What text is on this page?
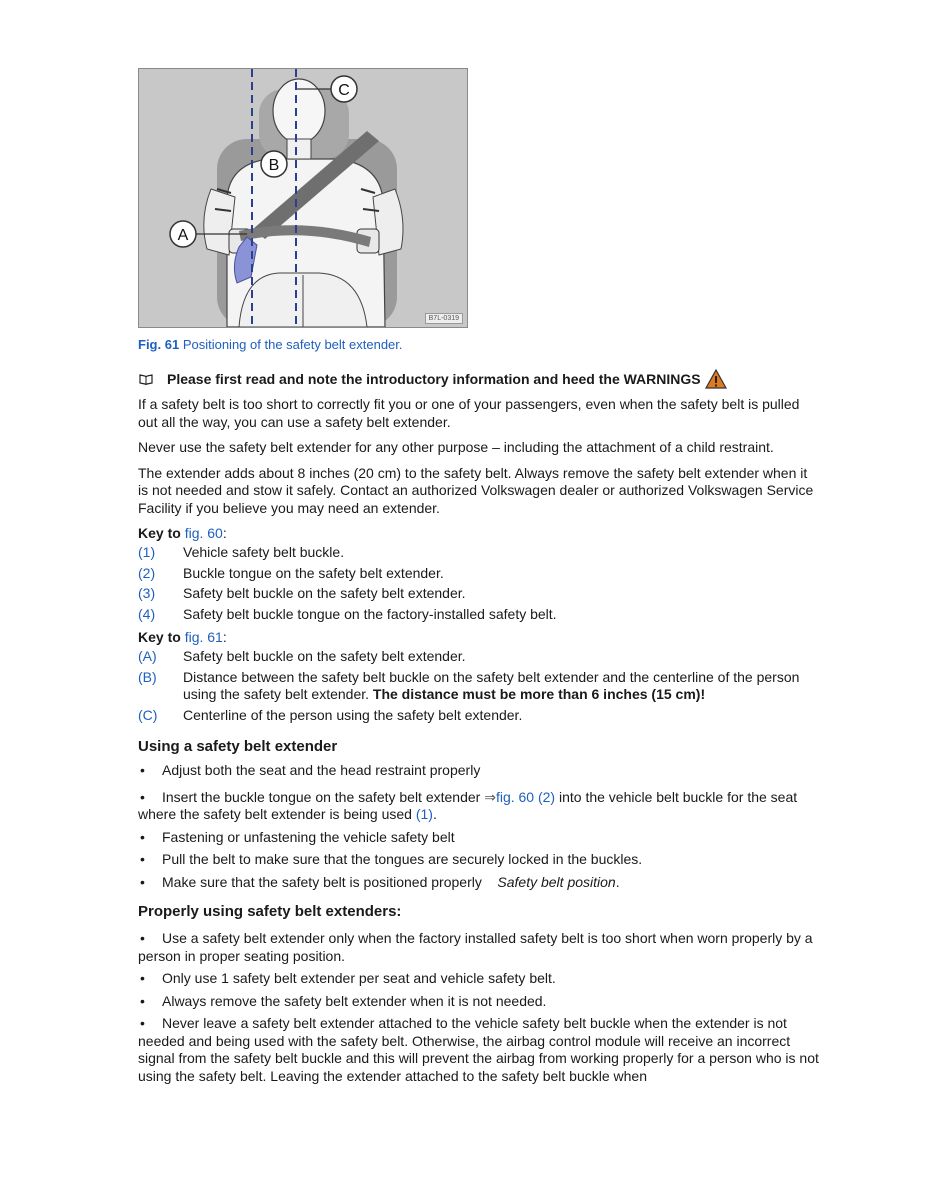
C
B
A
B7L-0319
Fig. 61 Positioning of the safety belt extender.
Please first read and note the introductory information and heed the WARNINGS

If a safety belt is too short to correctly fit you or one of your passengers, even when the safety belt is pulled out all the way, you can use a safety belt extender.

Never use the safety belt extender for any other purpose – including the attachment of a child restraint.

The extender adds about 8 inches (20 cm) to the safety belt. Always remove the safety belt extender when it is not needed and stow it safely. Contact an authorized Volkswagen dealer or authorized Volkswagen Service Facility if you believe you may need an extender.

Key to fig. 60:
(1)	Vehicle safety belt buckle.
(2)	Buckle tongue on the safety belt extender.
(3)	Safety belt buckle on the safety belt extender.
(4)	Safety belt buckle tongue on the factory-installed safety belt.
Key to fig. 61:
(A)	Safety belt buckle on the safety belt extender.
(B)	Distance between the safety belt buckle on the safety belt extender and the centerline of the person using the safety belt extender. The distance must be more than 6 inches (15 cm)!
(C)	Centerline of the person using the safety belt extender.
Using a safety belt extender
• Adjust both the seat and the head restraint properly
• Insert the buckle tongue on the safety belt extender ⇒fig. 60 (2) into the vehicle belt buckle for the seat where the safety belt extender is being used (1).
• Fastening or unfastening the vehicle safety belt
• Pull the belt to make sure that the tongues are securely locked in the buckles.
• Make sure that the safety belt is positioned properly Safety belt position.
Properly using safety belt extenders:
• Use a safety belt extender only when the factory installed safety belt is too short when worn properly by a person in proper seating position.
• Only use 1 safety belt extender per seat and vehicle safety belt.
• Always remove the safety belt extender when it is not needed.
• Never leave a safety belt extender attached to the vehicle safety belt buckle when the extender is not needed and being used with the safety belt. Otherwise, the airbag control module will receive an incorrect signal from the safety belt buckle and this will prevent the airbag from working properly for a person who is not using the safety belt. Leaving the extender attached to the safety belt buckle when
